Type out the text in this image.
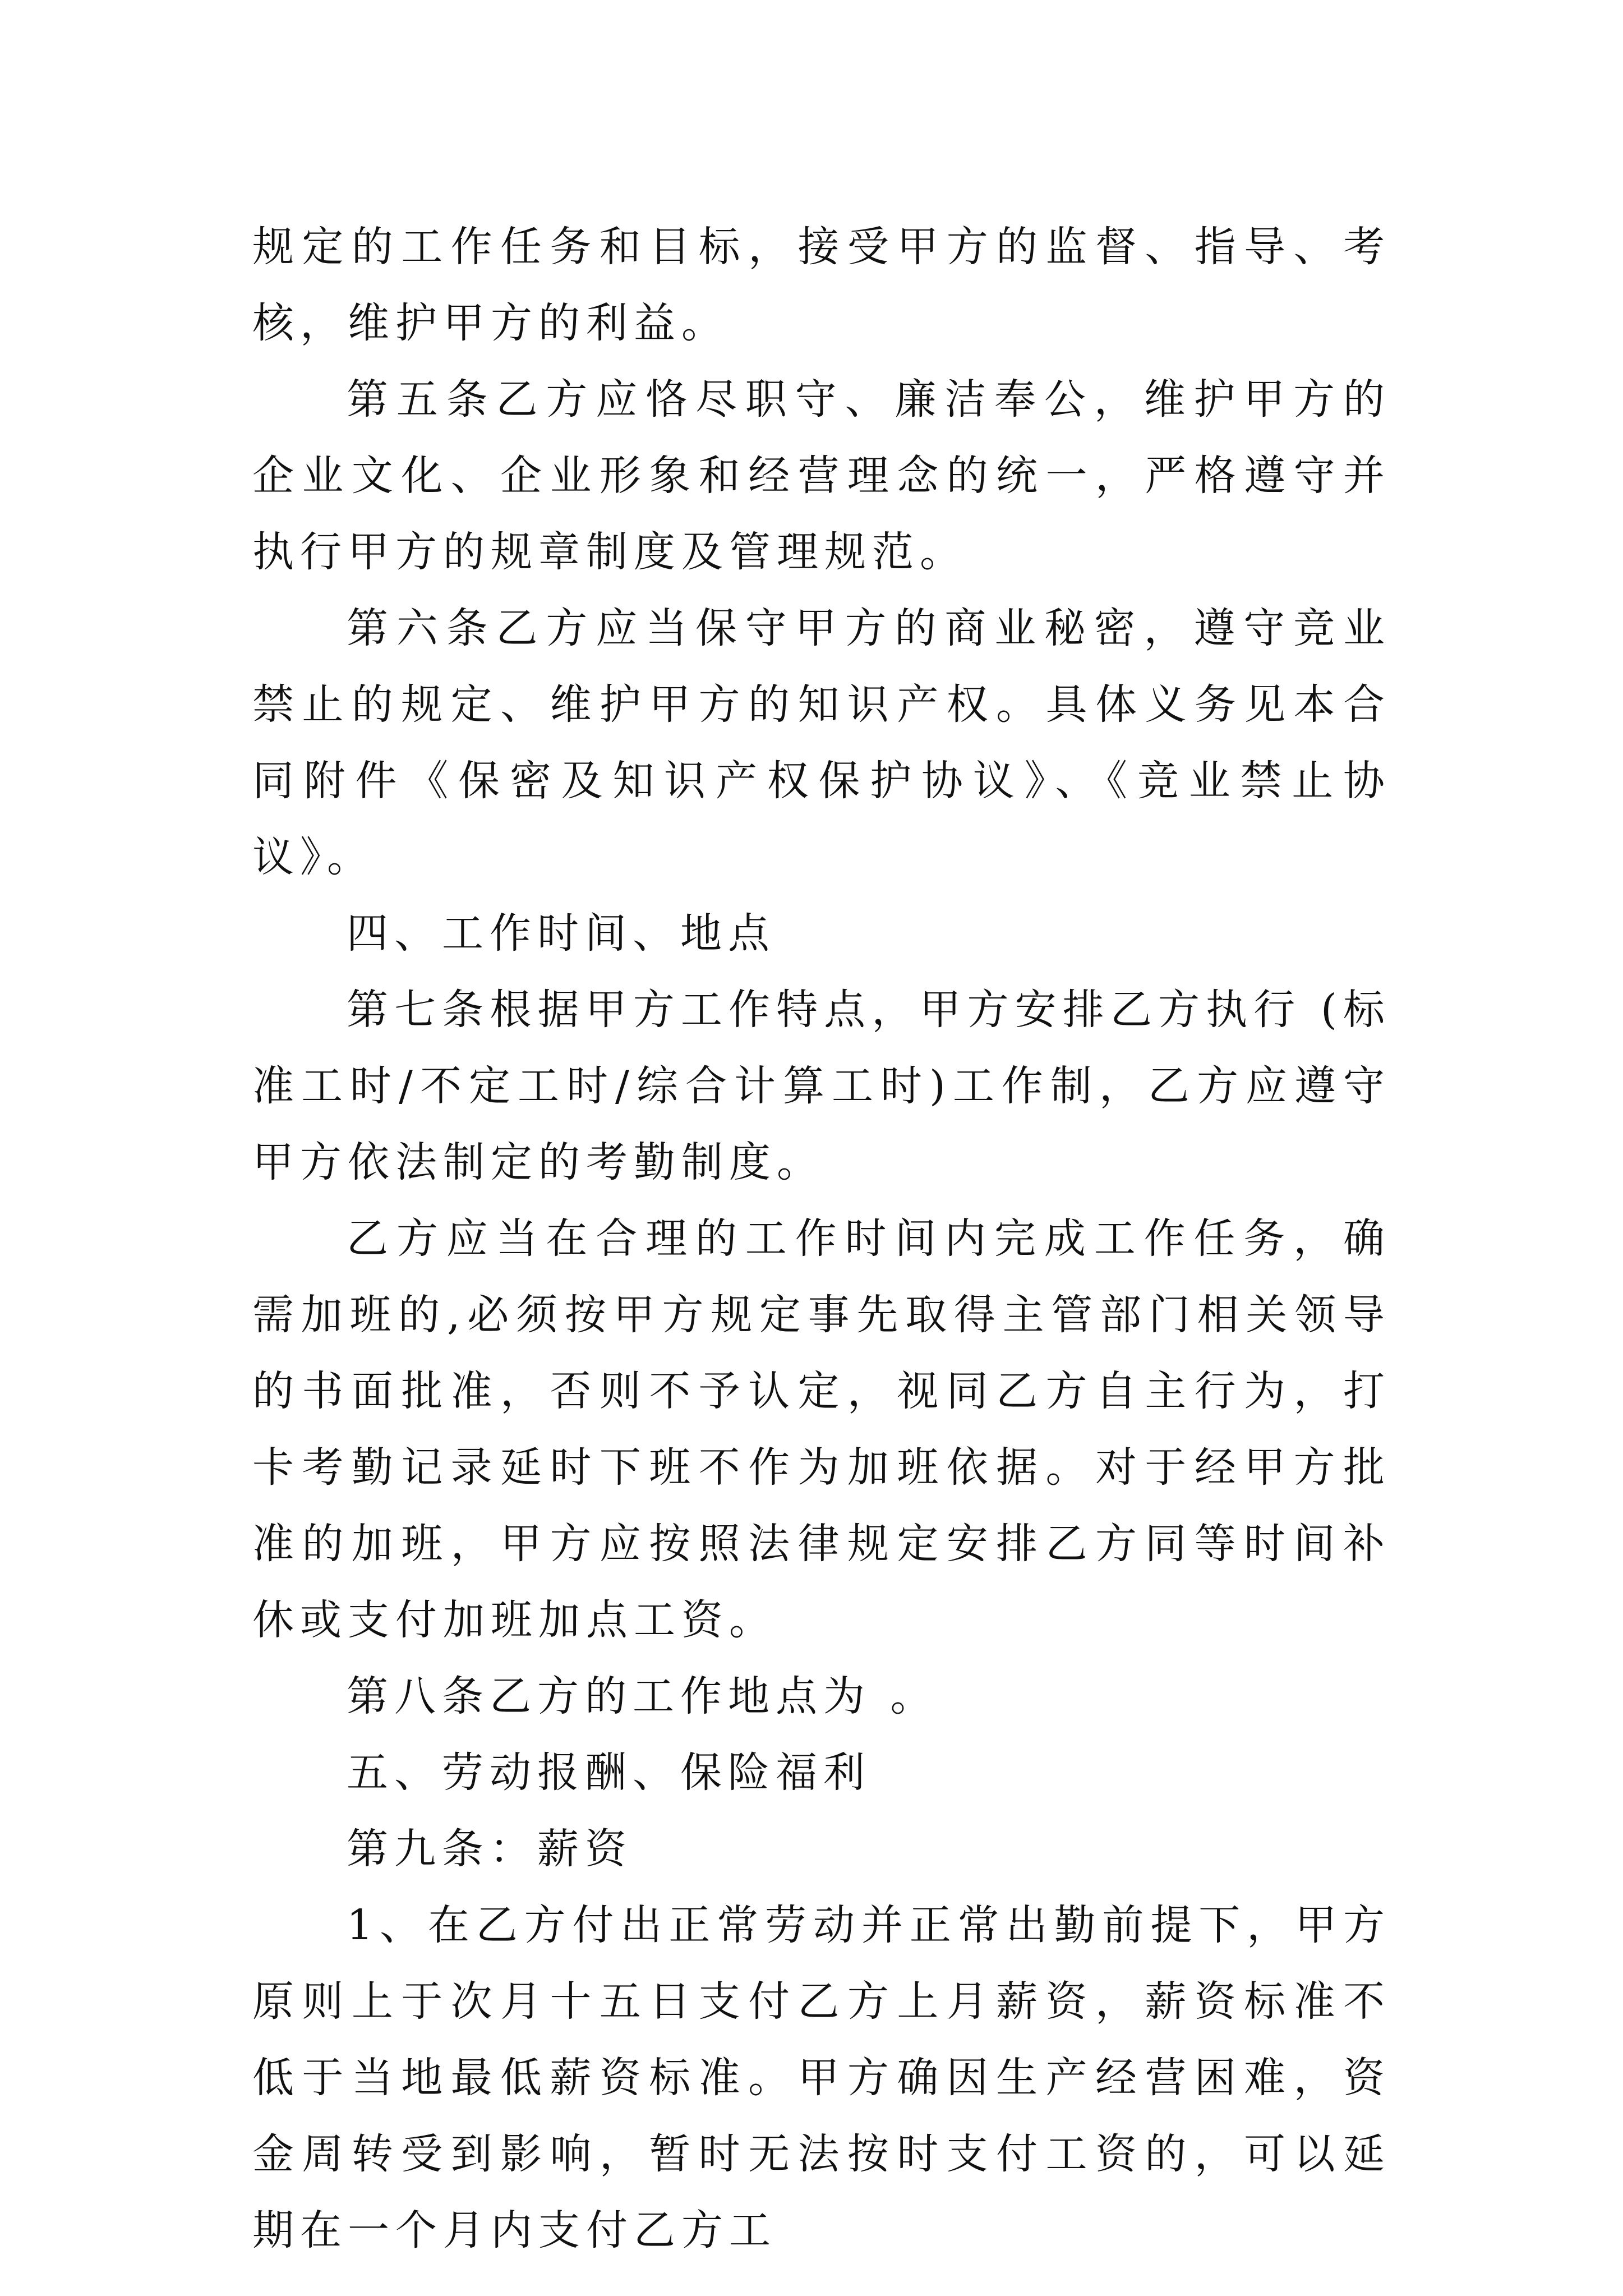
规定的工作任务和目标，接受甲方的监督、指导、考核，维护甲方的利益。

第五条乙方应恪尽职守、廉洁奉公，维护甲方的企业文化、企业形象和经营理念的统一，严格遵守并执行甲方的规章制度及管理规范。

第六条乙方应当保守甲方的商业秘密，遵守竞业禁止的规定、维护甲方的知识产权。具体义务见本合同附件《保密及知识产权保护协议》、《竞业禁止协议》。

四、工作时间、地点

第七条根据甲方工作特点，甲方安排乙方执行 (标准工时/不定工时/综合计算工时)工作制，乙方应遵守甲方依法制定的考勤制度。

乙方应当在合理的工作时间内完成工作任务，确需加班的,必须按甲方规定事先取得主管部门相关领导的书面批准，否则不予认定，视同乙方自主行为，打卡考勤记录延时下班不作为加班依据。对于经甲方批准的加班，甲方应按照法律规定安排乙方同等时间补休或支付加班加点工资。

第八条乙方的工作地点为 。

五、劳动报酬、保险福利

第九条：薪资

1、在乙方付出正常劳动并正常出勤前提下，甲方原则上于次月十五日支付乙方上月薪资，薪资标准不低于当地最低薪资标准。甲方确因生产经营困难，资金周转受到影响，暂时无法按时支付工资的，可以延期在一个月内支付乙方工
